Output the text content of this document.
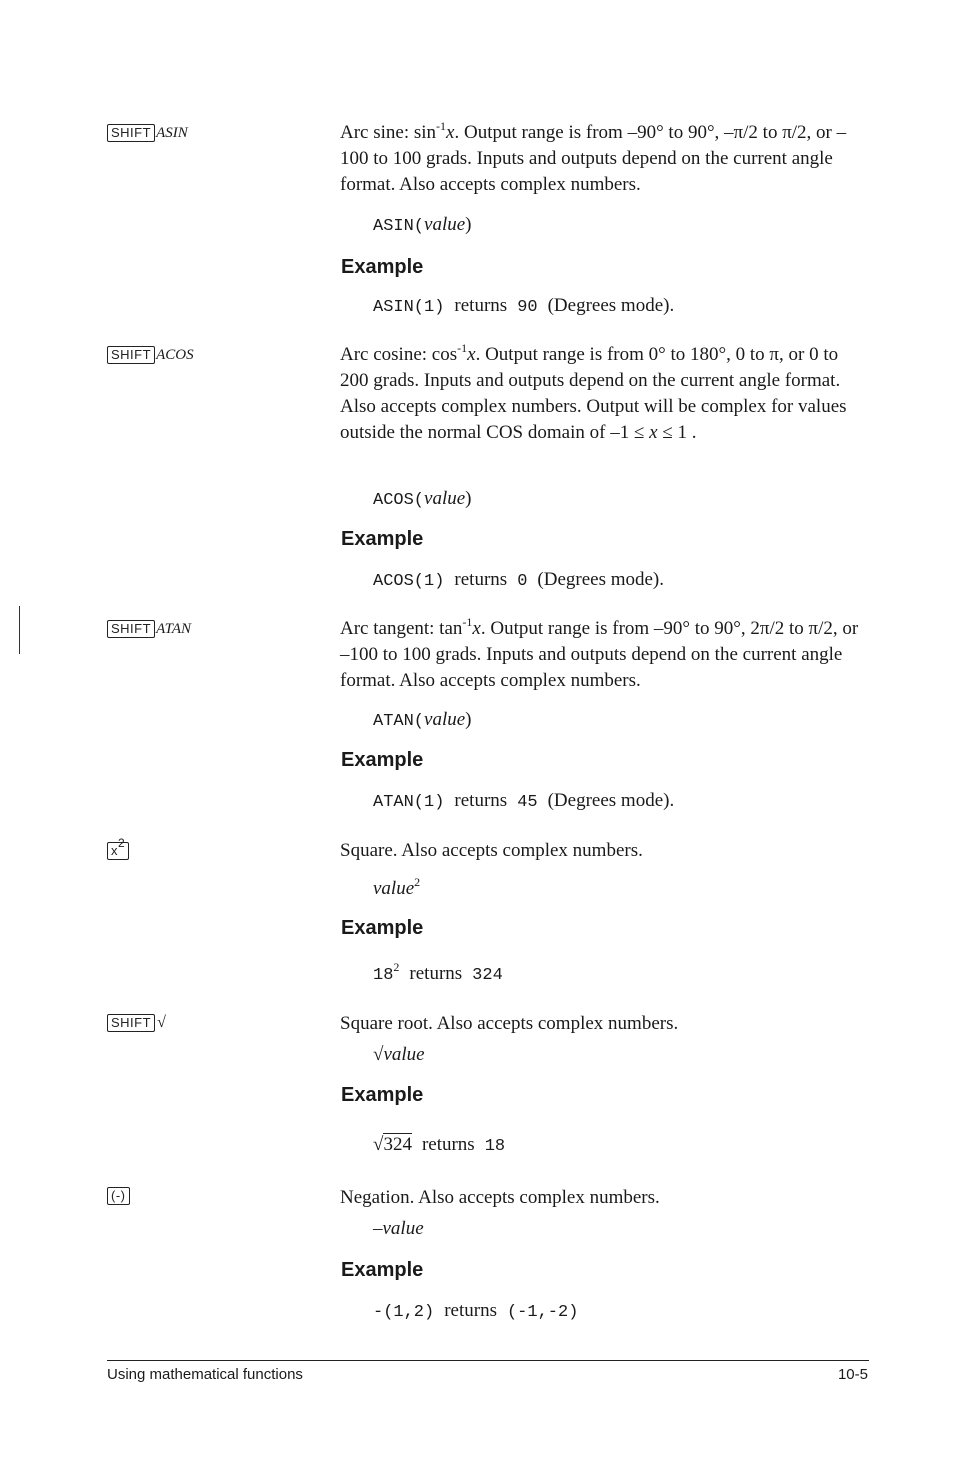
SHIFT ASIN	Arc sine: $\sin^{-1}x$. Output range is from –90° to 90°, –π/2 to π/2, or –100 to 100 grads. Inputs and outputs depend on the current angle format. Also accepts complex numbers.
ASIN(value)
Example
ASIN(1) returns 90 (Degrees mode).
SHIFT ACOS	Arc cosine: $\cos^{-1}x$. Output range is from 0° to 180°, 0 to π, or 0 to 200 grads. Inputs and outputs depend on the current angle format. Also accepts complex numbers. Output will be complex for values outside the normal COS domain of –1 ≤ x ≤ 1 .
ACOS(value)
Example
ACOS(1) returns 0 (Degrees mode).
SHIFT ATAN	Arc tangent: $\tan^{-1}x$. Output range is from –90° to 90°, 2π/2 to π/2, or –100 to 100 grads. Inputs and outputs depend on the current angle format. Also accepts complex numbers.
ATAN(value)
Example
ATAN(1) returns 45 (Degrees mode).
$x^2$	Square. Also accepts complex numbers.
value$^2$
Example
$18^2$ returns 324
SHIFT √	Square root. Also accepts complex numbers.
√value
Example
√324 returns 18
(-)	Negation. Also accepts complex numbers.
–value
Example
-(1,2) returns (-1,-2)
Using mathematical functions	10-5
